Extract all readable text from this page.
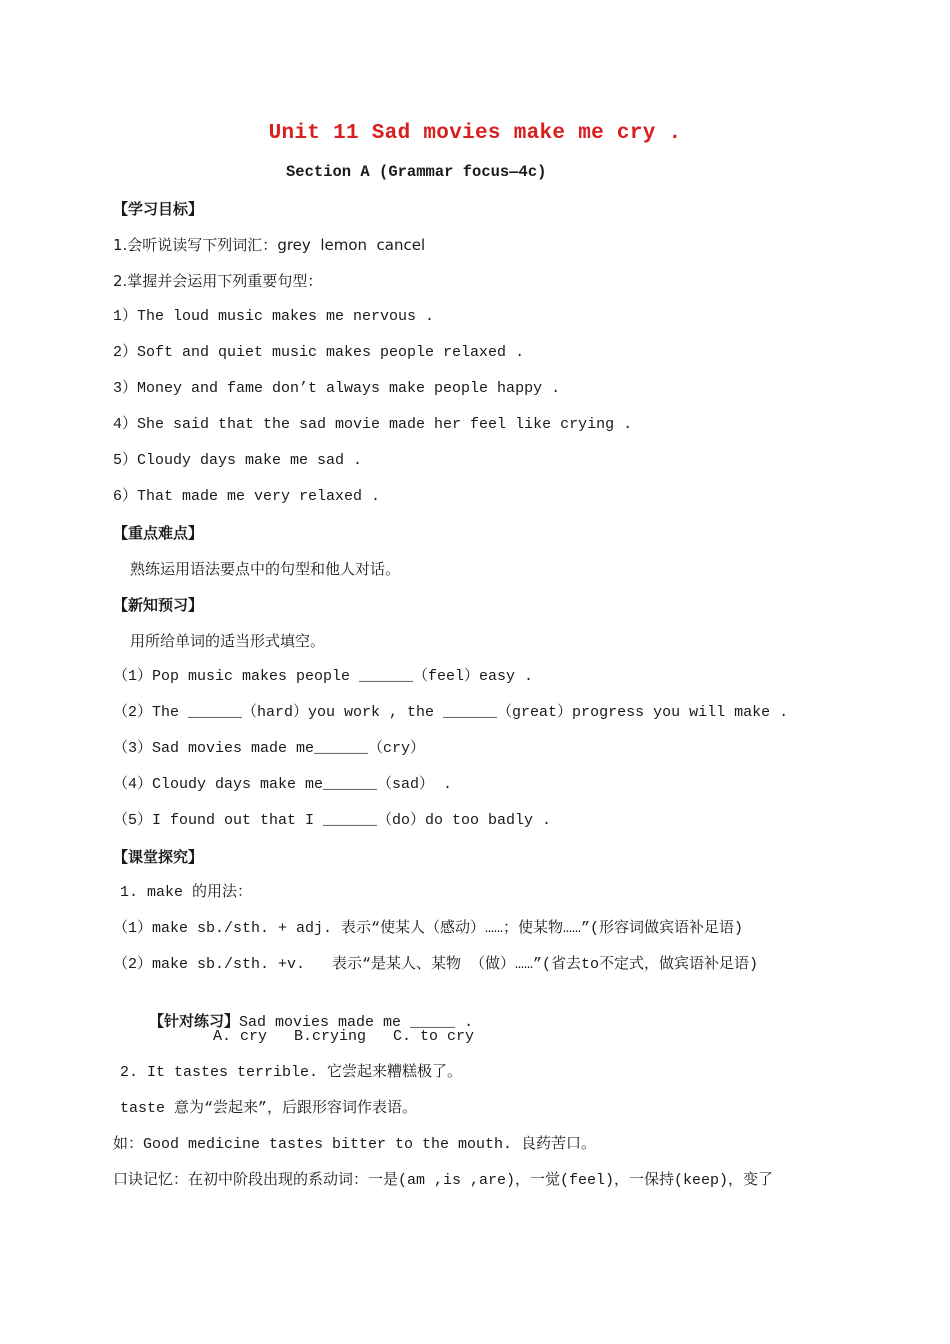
Unit 11 Sad movies make me cry .
Section A (Grammar focus—4c)
【学习目标】
1.会听说读写下列词汇：grey  lemon  cancel
2.掌握并会运用下列重要句型：
1）The loud music makes me nervous .
2）Soft and quiet music makes people relaxed .
3）Money and fame don’t always make people happy .
4）She said that the sad movie made her feel like crying .
5）Cloudy days make me sad .
6）That made me very relaxed .
【重点难点】
熟练运用语法要点中的句型和他人对话。
【新知预习】
用所给单词的适当形式填空。
（1）Pop music makes people ______（feel）easy .
（2）The ______（hard）you work , the ______（great）progress you will make .
（3）Sad movies made me______（cry）
（4）Cloudy days make me______（sad） .
（5）I found out that I ______（do）do too badly .
【课堂探究】
1. make 的用法：
（1）make sb./sth. + adj. 表示“使某人（感动）……；使某物……”(形容词做宾语补足语)
（2）make sb./sth. +v.   表示“是某人、某物 （做）……”(省去to不定式，做宾语补足语)

【针对练习】Sad movies made me _____ .

A. cry   B.crying   C. to cry
2. It tastes terrible. 它尝起来糟糕极了。
taste 意为“尝起来”，后跟形容词作表语。
如：Good medicine tastes bitter to the mouth. 良药苦口。
口诀记忆：在初中阶段出现的系动词：一是(am ,is ,are)，一觉(feel)，一保持(keep)，变了
